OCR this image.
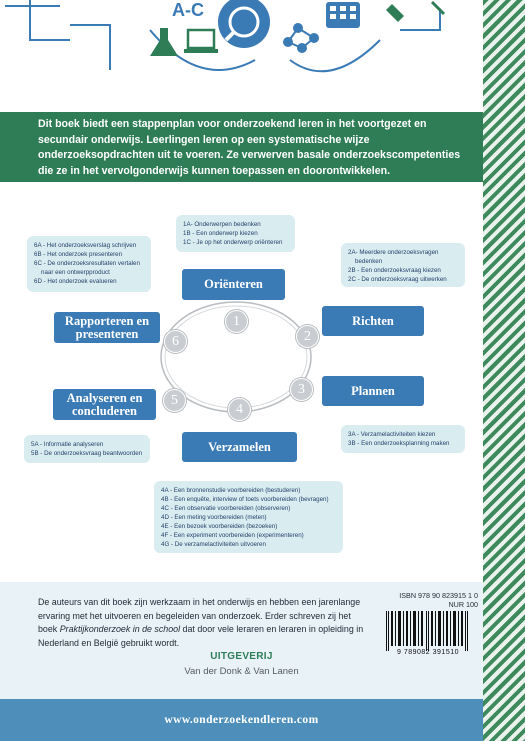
A-C

Dit boek biedt een stappenplan voor onderzoekend leren in het voortgezet en secundair onderwijs. Leerlingen leren op een systematische wijze onderzoeksopdrachten uit te voeren. Ze verwerven basale onderzoekscompetenties die ze in het vervolgonderwijs kunnen toepassen en doorontwikkelen.

1A- Onderwerpen bedenken
1B - Een onderwerp kiezen
1C - Je op het onderwerp oriënteren
2A- Meerdere onderzoeksvragen
bedenken
2B - Een onderzoeksvraag kiezen
2C - De onderzoeksvraag uitwerken
6A - Het onderzoeksverslag schrijven
6B - Het onderzoek presenteren
6C - De onderzoeksresultaten vertalen
naar een ontwerpproduct
6D - Het onderzoek evalueren
3A - Verzamelactiviteiten kiezen
3B - Een onderzoeksplanning maken
5A - Informatie analyseren
5B - De onderzoeksvraag beantwoorden
4A - Een bronnenstudie voorbereiden (bestuderen)
4B - Een enquête, interview of toets voorbereiden (bevragen)
4C - Een observatie voorbereiden (observeren)
4D - Een meting voorbereiden (meten)
4E - Een bezoek voorbereiden (bezoeken)
4F - Een experiment voorbereiden (experimenteren)
4G - De verzamelactiviteiten uitvoeren
Oriënteren
Richten
Plannen
Verzamelen
Analyseren en concluderen
Rapporteren en presenteren
1
2
3
4
5
6
De auteurs van dit boek zijn werkzaam in het onderwijs en hebben een jarenlange ervaring met het uitvoeren en begeleiden van onderzoek. Erder schreven zij het boek Praktijkonderzoek in de school dat door vele leraren en leraren in opleiding in Nederland en België gebruikt wordt.
ISBN 978 90 823915 1 0
NUR 100
9 789082 391510
UITGEVERIJ
Van der Donk & Van Lanen
www.onderzoekendleren.com
